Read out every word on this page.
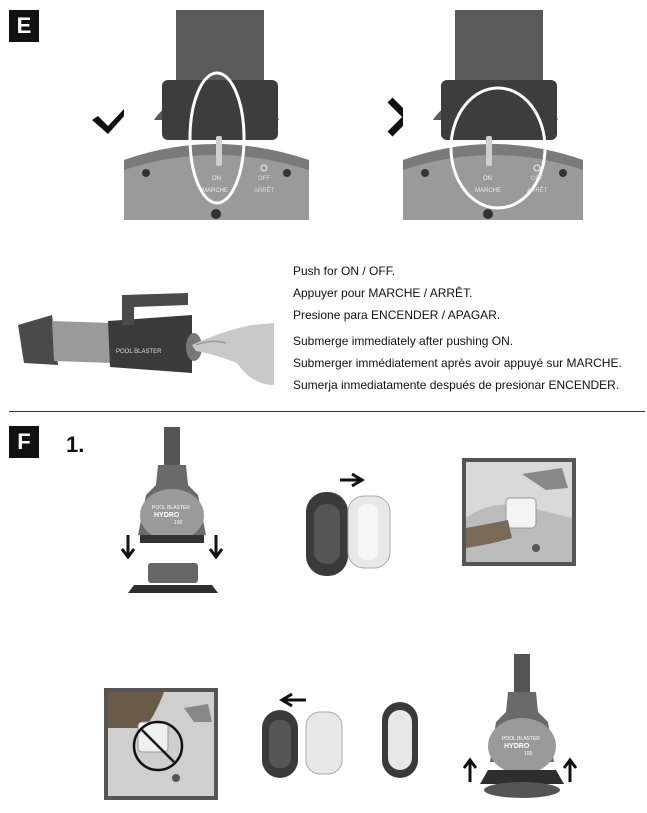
E
ON
MARCHE
OFF
ARRÊT
ON
MARCHE
OFF
ARRÊT
POOL BLASTER
Push for ON / OFF.
Appuyer pour MARCHE / ARRÊT.
Presione para ENCENDER / APAGAR.
Submerge immediately after pushing ON.
Submerger immédiatement après avoir appuyé sur MARCHE.
Sumerja inmediatamente después de presionar ENCENDER.
F	1.
POOL BLASTER
HYDRO
100
POOL BLASTER
HYDRO
100
